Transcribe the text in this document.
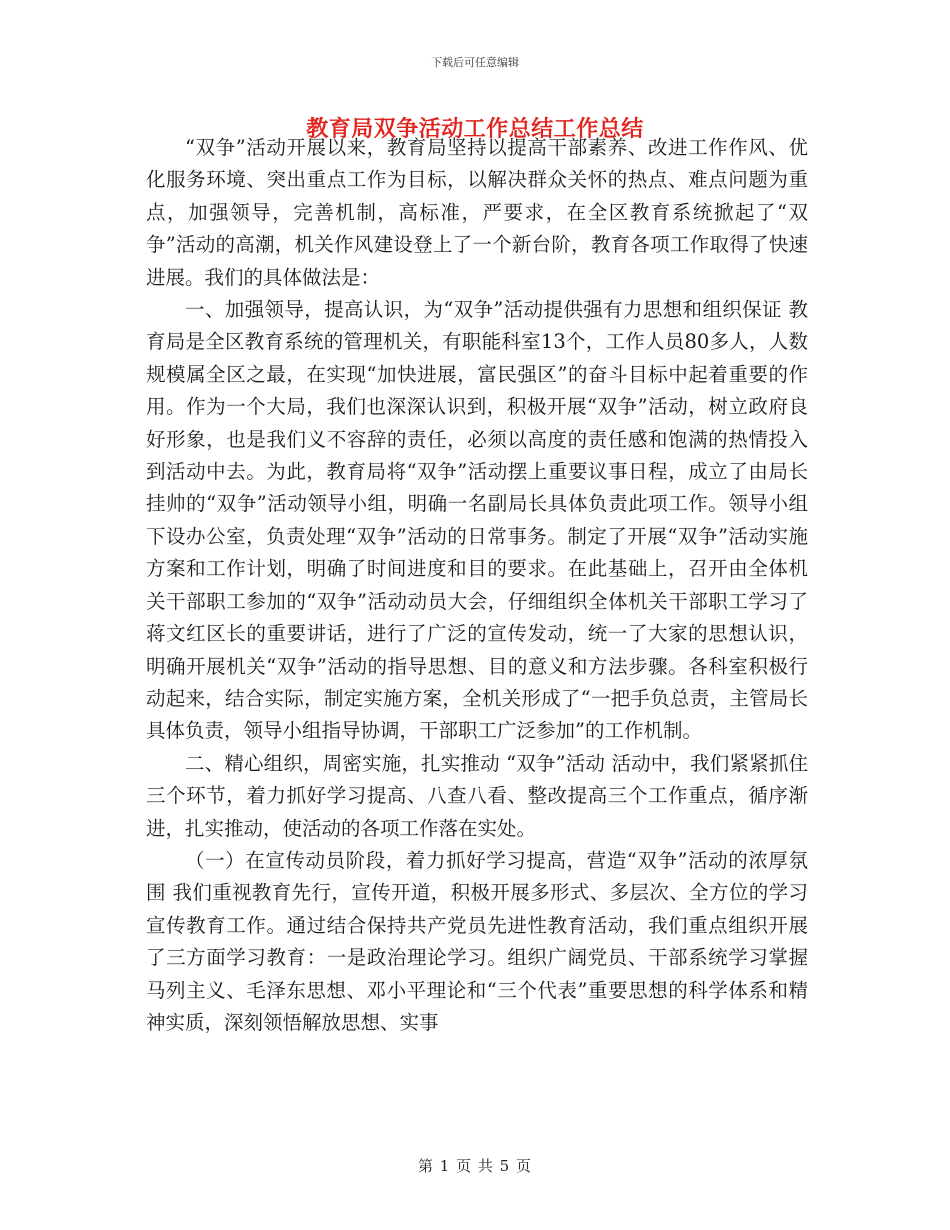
下载后可任意编辑
教育局双争活动工作总结工作总结

“双争”活动开展以来，教育局坚持以提高干部素养、改进工作作风、优化服务环境、突出重点工作为目标，以解决群众关怀的热点、难点问题为重点，加强领导，完善机制，高标准，严要求，在全区教育系统掀起了“双争”活动的高潮，机关作风建设登上了一个新台阶，教育各项工作取得了快速进展。我们的具体做法是：

一、加强领导，提高认识，为“双争”活动提供强有力思想和组织保证 教育局是全区教育系统的管理机关，有职能科室13个，工作人员80多人，人数规模属全区之最，在实现“加快进展，富民强区”的奋斗目标中起着重要的作用。作为一个大局，我们也深深认识到，积极开展“双争”活动，树立政府良好形象，也是我们义不容辞的责任，必须以高度的责任感和饱满的热情投入到活动中去。为此，教育局将“双争”活动摆上重要议事日程，成立了由局长挂帅的“双争”活动领导小组，明确一名副局长具体负责此项工作。领导小组下设办公室，负责处理“双争”活动的日常事务。制定了开展“双争”活动实施方案和工作计划，明确了时间进度和目的要求。在此基础上，召开由全体机关干部职工参加的“双争”活动动员大会，仔细组织全体机关干部职工学习了蒋文红区长的重要讲话，进行了广泛的宣传发动，统一了大家的思想认识，明确开展机关“双争”活动的指导思想、目的意义和方法步骤。各科室积极行动起来，结合实际，制定实施方案，全机关形成了“一把手负总责，主管局长具体负责，领导小组指导协调，干部职工广泛参加”的工作机制。

二、精心组织，周密实施，扎实推动 “双争”活动 活动中，我们紧紧抓住三个环节，着力抓好学习提高、八查八看、整改提高三个工作重点，循序渐进，扎实推动，使活动的各项工作落在实处。

（一）在宣传动员阶段，着力抓好学习提高，营造“双争”活动的浓厚氛围 我们重视教育先行，宣传开道，积极开展多形式、多层次、全方位的学习宣传教育工作。通过结合保持共产党员先进性教育活动，我们重点组织开展了三方面学习教育：一是政治理论学习。组织广阔党员、干部系统学习掌握马列主义、毛泽东思想、邓小平理论和“三个代表”重要思想的科学体系和精神实质，深刻领悟解放思想、实事

第 1 页 共 5 页
